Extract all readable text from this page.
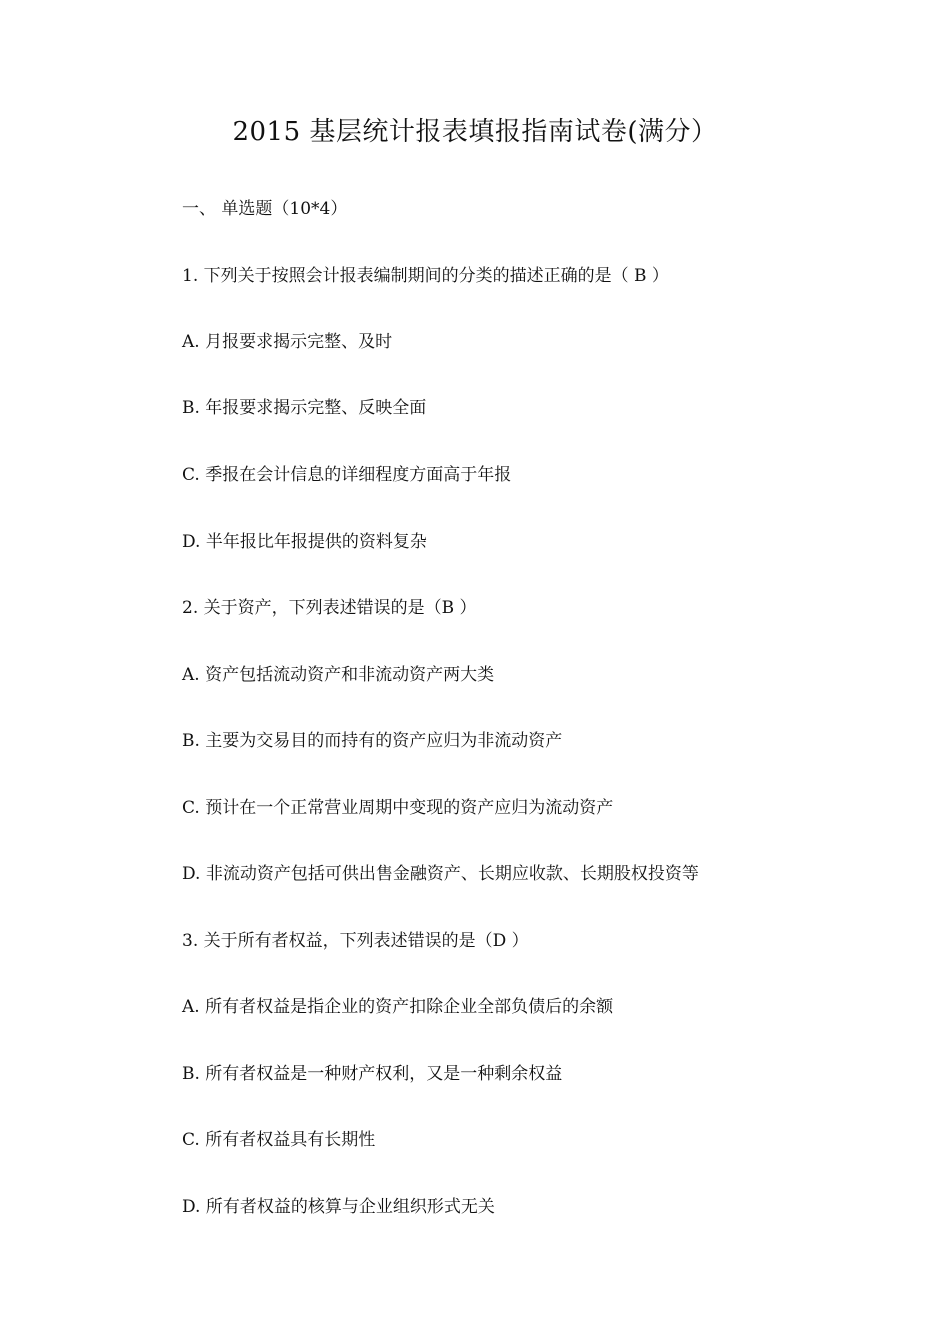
2015 基层统计报表填报指南试卷(满分）
一、 单选题（10*4）
1. 下列关于按照会计报表编制期间的分类的描述正确的是（ B ）
A. 月报要求揭示完整、及时
B. 年报要求揭示完整、反映全面
C. 季报在会计信息的详细程度方面高于年报
D. 半年报比年报提供的资料复杂
2. 关于资产，下列表述错误的是（B ）
A. 资产包括流动资产和非流动资产两大类
B. 主要为交易目的而持有的资产应归为非流动资产
C. 预计在一个正常营业周期中变现的资产应归为流动资产
D. 非流动资产包括可供出售金融资产、长期应收款、长期股权投资等
3. 关于所有者权益，下列表述错误的是（D ）
A. 所有者权益是指企业的资产扣除企业全部负债后的余额
B. 所有者权益是一种财产权利，又是一种剩余权益
C. 所有者权益具有长期性
D. 所有者权益的核算与企业组织形式无关
